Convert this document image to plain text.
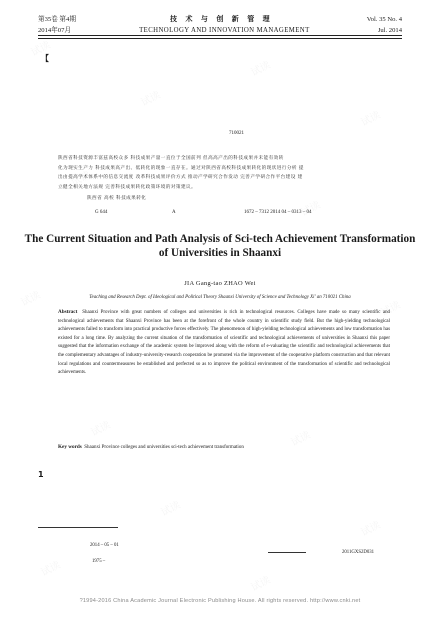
第35卷 第4期	技 术 与 创 新 管 理	Vol. 35 No. 4
2014年07月	TECHNOLOGY AND INNOVATION MANAGEMENT	Jul. 2014
【
710021
陕西省科技资源丰富兹高校众多 科技成果产量一直位于全国前列 但高高产出的科技成果并未能有效转
化为现实生产力 科技成果高产出、低转化的现象一直存在。通过对陕西省高校科技成果转化的现状进行分析 提
出由提高学术体系中的信息交流度 改革科技成果评价方式 推动产学研究合作发动 完善产学研合作平台建设 建
立健全相关地方法规 完善科技成果转化政策环境的对策建议。
陕西省 高校 科技成果转化
G 644	A	1672 – 7312 2014 04 – 0313 – 04
The Current Situation and Path Analysis of Sci-tech Achievement Transformation of Universities in Shaanxi
JIA Gang-tao ZHAO Wei
Teaching and Research Dept. of Ideological and Political Theory Shaanxi University of Science and Technology Xi' an 710021 China

Abstract Shaanxi Province with great numbers of colleges and universities is rich in technological resources. Colleges have made so many scientific and technological achievements that Shaanxi Province has been at the forefront of the whole country in scientific study field. But the high-yielding technological achievements failed to transform into practical productive forces effectively. The phenomenon of high-yielding technological achievements and low transformation has existed for a long time. By analyzing the current situation of the transformation of scientific and technological achievements of universities in Shaanxi this paper suggested that the information exchange of the academic system be improved along with the reform of e-valuating the scientific and technological achievements that the complementary advantages of industry-university-research cooperation be promoted via the improvement of the cooperative platform construction and that relevant local regulations and countermeasures be established and perfected so as to improve the political environment of the transformation of scientific and technological achievements.

Key words Shaanxi Province colleges and universities sci-tech achievement transformation
1
2014 – 05 – 01
2011GXS2D031
1975 –
?1994-2016 China Academic Journal Electronic Publishing House. All rights reserved. http://www.cnki.net
